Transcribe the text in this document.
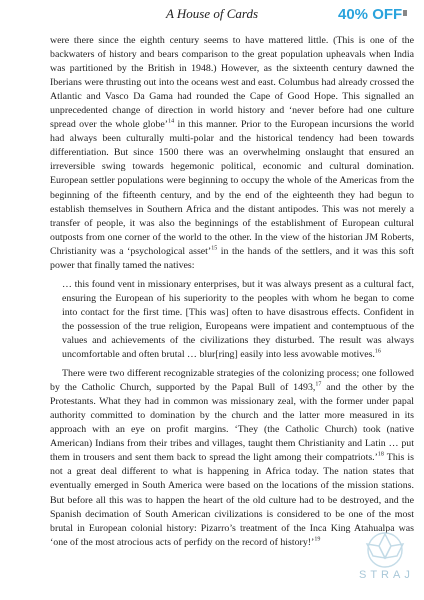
A House of Cards	40% OFF

were there since the eighth century seems to have mattered little. (This is one of the backwaters of history and bears comparison to the great population upheavals when India was partitioned by the British in 1948.) However, as the sixteenth century dawned the Iberians were thrusting out into the oceans west and east. Columbus had already crossed the Atlantic and Vasco Da Gama had rounded the Cape of Good Hope. This signalled an unprecedented change of direction in world history and ‘never before had one culture spread over the whole globe’$^{14}$ in this manner. Prior to the European incursions the world had always been culturally multi-polar and the historical tendency had been towards differentiation. But since 1500 there was an overwhelming onslaught that ensured an irreversible swing towards hegemonic political, economic and cultural domination. European settler populations were beginning to occupy the whole of the Americas from the beginning of the fifteenth century, and by the end of the eighteenth they had begun to establish themselves in Southern Africa and the distant antipodes. This was not merely a transfer of people, it was also the beginnings of the establishment of European cultural outposts from one corner of the world to the other. In the view of the historian JM Roberts, Christianity was a ‘psychological asset’$^{15}$ in the hands of the settlers, and it was this soft power that finally tamed the natives:

… this found vent in missionary enterprises, but it was always present as a cultural fact, ensuring the European of his superiority to the peoples with whom he began to come into contact for the first time. [This was] often to have disastrous effects. Confident in the possession of the true religion, Europeans were impatient and contemptuous of the values and achievements of the civilizations they disturbed. The result was always uncomfortable and often brutal … blur[ring] easily into less avowable motives.$^{16}$

There were two different recognizable strategies of the colonizing process; one followed by the Catholic Church, supported by the Papal Bull of 1493,17 and the other by the Protestants. What they had in common was missionary zeal, with the former under papal authority committed to domination by the church and the latter more measured in its approach with an eye on profit margins. ‘They (the Catholic Church) took (native American) Indians from their tribes and villages, taught them Christianity and Latin … put them in trousers and sent them back to spread the light among their compatriots.’$^{18}$ This is not a great deal different to what is happening in Africa today. The nation states that eventually emerged in South America were based on the locations of the mission stations. But before all this was to happen the heart of the old culture had to be destroyed, and the Spanish decimation of South American civilizations is considered to be one of the most brutal in European colonial history: Pizarro’s treatment of the Inca King Atahualpa was ‘one of the most atrocious acts of perfidy on the record of history!’$^{19}$

STRAJ
